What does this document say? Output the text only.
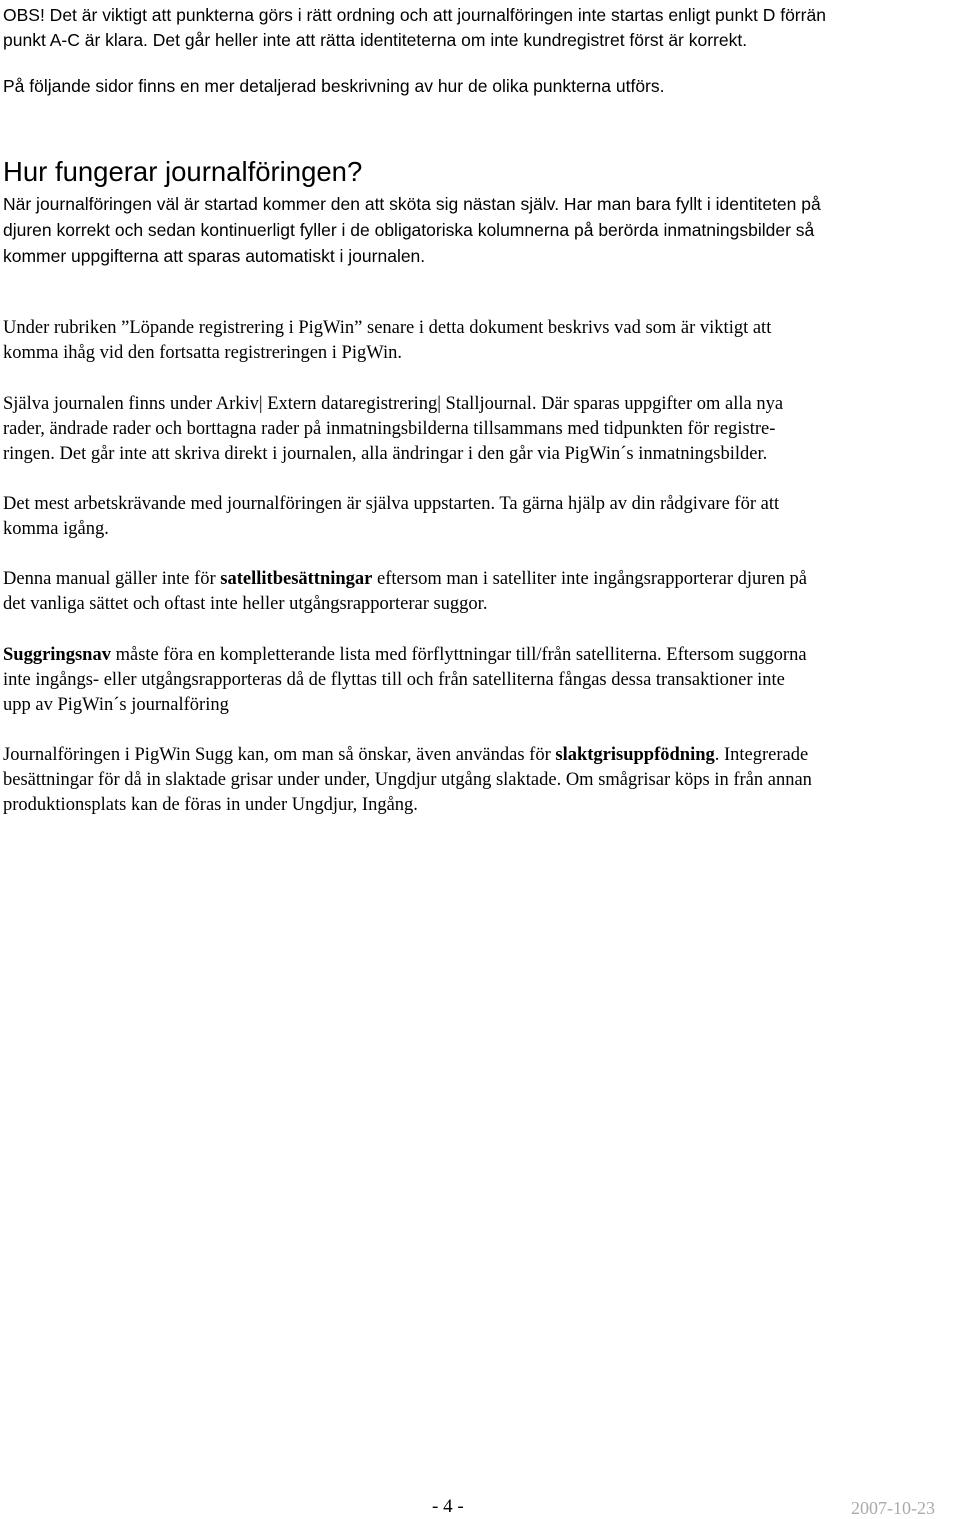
OBS! Det är viktigt att punkterna görs i rätt ordning och att journalföringen inte startas enligt punkt D förrän
punkt A-C är klara. Det går heller inte att rätta identiteterna om inte kundregistret först är korrekt.

På följande sidor finns en mer detaljerad beskrivning av hur de olika punkterna utförs.

Hur fungerar journalföringen?

När journalföringen väl är startad kommer den att sköta sig nästan själv. Har man bara fyllt i identiteten på
djuren korrekt och sedan kontinuerligt fyller i de obligatoriska kolumnerna på berörda inmatningsbilder så
kommer uppgifterna att sparas automatiskt i journalen.

Under rubriken ”Löpande registrering i PigWin” senare i detta dokument beskrivs vad som är viktigt att
komma ihåg vid den fortsatta registreringen i PigWin.

Själva journalen finns under Arkiv| Extern dataregistrering| Stalljournal. Där sparas uppgifter om alla nya
rader, ändrade rader och borttagna rader på inmatningsbilderna tillsammans med tidpunkten för registre-
ringen. Det går inte att skriva direkt i journalen, alla ändringar i den går via PigWin´s inmatningsbilder.

Det mest arbetskrävande med journalföringen är själva uppstarten. Ta gärna hjälp av din rådgivare för att
komma igång.

Denna manual gäller inte för satellitbesättningar eftersom man i satelliter inte ingångsrapporterar djuren på
det vanliga sättet och oftast inte heller utgångsrapporterar suggor.

Suggringsnav måste föra en kompletterande lista med förflyttningar till/från satelliterna. Eftersom suggorna
inte ingångs- eller utgångsrapporteras då de flyttas till och från satelliterna fångas dessa transaktioner inte
upp av PigWin´s journalföring

Journalföringen i PigWin Sugg kan, om man så önskar, även användas för slaktgrisuppfödning. Integrerade
besättningar för då in slaktade grisar under under, Ungdjur utgång slaktade. Om smågrisar köps in från annan
produktionsplats kan de föras in under Ungdjur, Ingång.

- 4 -	2007-10-23
